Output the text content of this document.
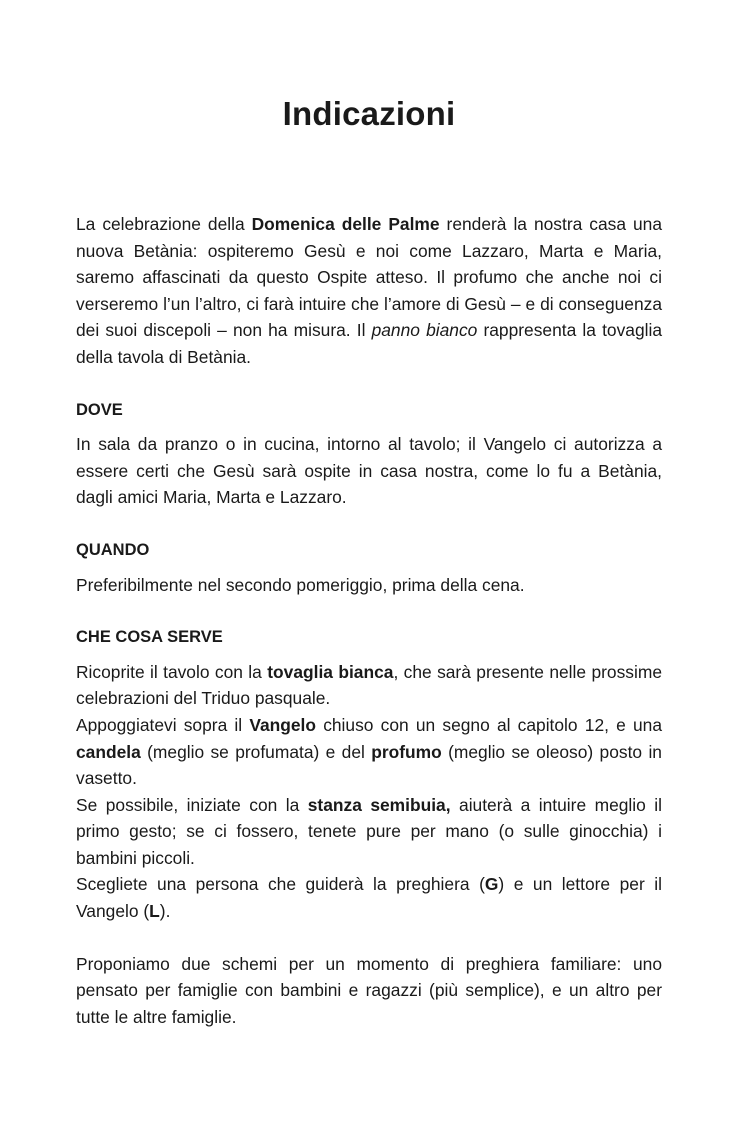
Indicazioni

La celebrazione della Domenica delle Palme renderà la nostra casa una nuova Betània: ospiteremo Gesù e noi come Lazzaro, Marta e Maria, saremo affascinati da questo Ospite atteso. Il profumo che anche noi ci verseremo l’un l’altro, ci farà intuire che l’amore di Gesù – e di conseguenza dei suoi discepoli – non ha misura. Il panno bianco rappresenta la tovaglia della tavola di Betània.

DOVE

In sala da pranzo o in cucina, intorno al tavolo; il Vangelo ci autorizza a essere certi che Gesù sarà ospite in casa nostra, come lo fu a Betània, dagli amici Maria, Marta e Lazzaro.

QUANDO

Preferibilmente nel secondo pomeriggio, prima della cena.

CHE COSA SERVE

Ricoprite il tavolo con la tovaglia bianca, che sarà presente nelle prossime celebrazioni del Triduo pasquale.

Appoggiatevi sopra il Vangelo chiuso con un segno al capitolo 12, e una candela (meglio se profumata) e del profumo (meglio se oleoso) posto in vasetto.

Se possibile, iniziate con la stanza semibuia, aiuterà a intuire meglio il primo gesto; se ci fossero, tenete pure per mano (o sulle ginocchia) i bambini piccoli.

Scegliete una persona che guiderà la preghiera (G) e un lettore per il Vangelo (L).

Proponiamo due schemi per un momento di preghiera familiare: uno pensato per famiglie con bambini e ragazzi (più semplice), e un altro per tutte le altre famiglie.
